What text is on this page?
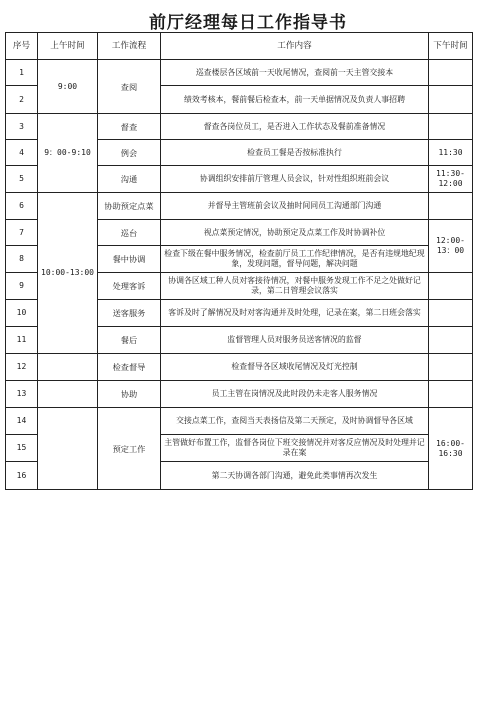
前厅经理每日工作指导书
序号	上午时间	工作流程	工作内容	下午时间
1	9:00	查阅	巡查楼层各区域前一天收尾情况，查阅前一天主管交接本	
2			绩效考核本，餐前餐后检查本，前一天单据情况及负责人事招聘	
3	9：00-9:10	督查	督查各岗位员工，是否进入工作状态及餐前准备情况	
4		例会	检查员工餐是否按标准执行	11:30
5		沟通	协调组织安排前厅管理人员会议，针对性组织班前会议	11:30-12:00
6	10:00-13:00	协助预定点菜	并督导主管班前会议及抽时间同员工沟通部门沟通	
7		巡台	视点菜预定情况，协助预定及点菜工作及时协调补位	12:00-13：00
8		餐中协调	检查下级在餐中服务情况，检查前厅员工工作纪律情况，是否有违规地纪现象，发现问题，督导问题，解决问题	
9		处理客诉	协调各区域工种人员对客接待情况，对餐中服务发现工作不足之处做好记录，第二日管理会议落实	
10		送客服务	客诉及时了解情况及时对客沟通并及时处理，记录在案，第二日班会落实	
11		餐后	监督管理人员对服务员送客情况的监督	
12		检查督导	检查督导各区域收尾情况及灯光控制	
13		协助	员工主管在岗情况及此时段仍未走客人服务情况	
14		预定工作	交接点菜工作，查阅当天表扬信及第二天预定，及时协调督导各区域	16:00-16:30
15			主管做好布置工作，监督各岗位下班交接情况并对客反应情况及时处理并记录在案	
16			第二天协调各部门沟通，避免此类事情再次发生	
